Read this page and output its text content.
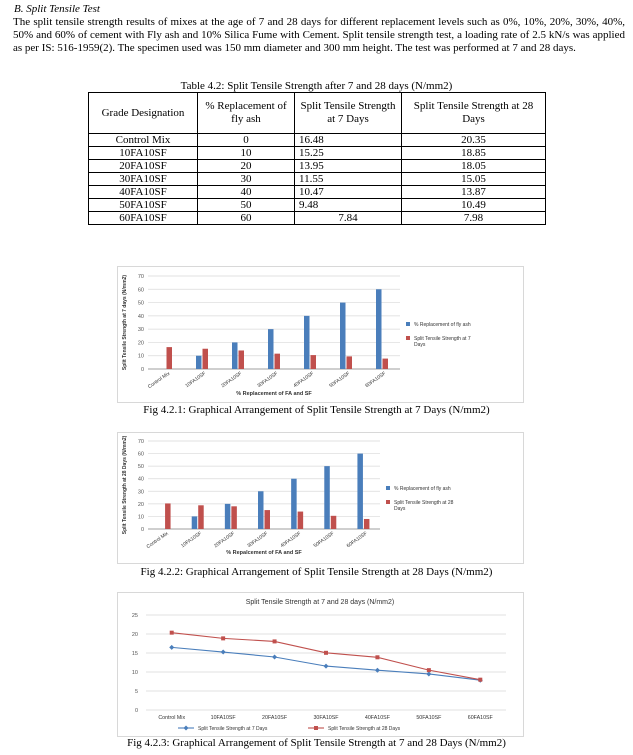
B. Split Tensile Test
The split tensile strength results of mixes at the age of 7 and 28 days for different replacement levels such as 0%, 10%, 20%, 30%, 40%, 50% and 60% of cement with Fly ash and 10% Silica Fume with Cement. Split tensile strength test, a loading rate of 2.5 kN/s was applied as per IS: 516-1959(2). The specimen used was 150 mm diameter and 300 mm height. The test was performed at 7 and 28 days.
Table 4.2: Split Tensile Strength after 7 and 28 days (N/mm2)
Grade Designation	% Replacement of fly ash	Split Tensile Strength at 7 Days	Split Tensile Strength at 28 Days
Control Mix	0	16.48	20.35
10FA10SF	10	15.25	18.85
20FA10SF	20	13.95	18.05
30FA10SF	30	11.55	15.05
40FA10SF	40	10.47	13.87
50FA10SF	50	9.48	10.49
60FA10SF	60	7.84	7.98
0
10
20
30
40
50
60
70
Control Mix	10FA10SF	20FA10SF	30FA10SF	40FA10SF	50FA10SF	60FA10SF
% Replacement of FA and SF
Split Tensile Strength at 7 days (N/mm2)	% Replacement of fly ash
Split Tensile Strength at 7 Days
Fig 4.2.1: Graphical Arrangement of Split Tensile Strength at 7 Days (N/mm2)
0
10
20
30
40
50
60
70
Control Mix 10FA10SF 20FA10SF 30FA10SF 40FA10SF 50FA10SF 60FA10SF
% Repalcement of FA and SF
Split Tensile Strength at 28 Days (N/mm2)	% Replacement of fly ash
Split Tensile Strength at 28 Days
Fig 4.2.2: Graphical Arrangement of Split Tensile Strength at 28 Days (N/mm2)
Split Tensile Strength at 7 and 28 days (N/mm2)
0
5
10
15
20
25
Control Mix	10FA10SF	20FA10SF	30FA10SF	40FA10SF	50FA10SF	60FA10SF
Split Tensile Strength at 7 Days	Split Tensile Strength at 28 Days
Fig 4.2.3: Graphical Arrangement of Split Tensile Strength at 7 and 28 Days (N/mm2)
